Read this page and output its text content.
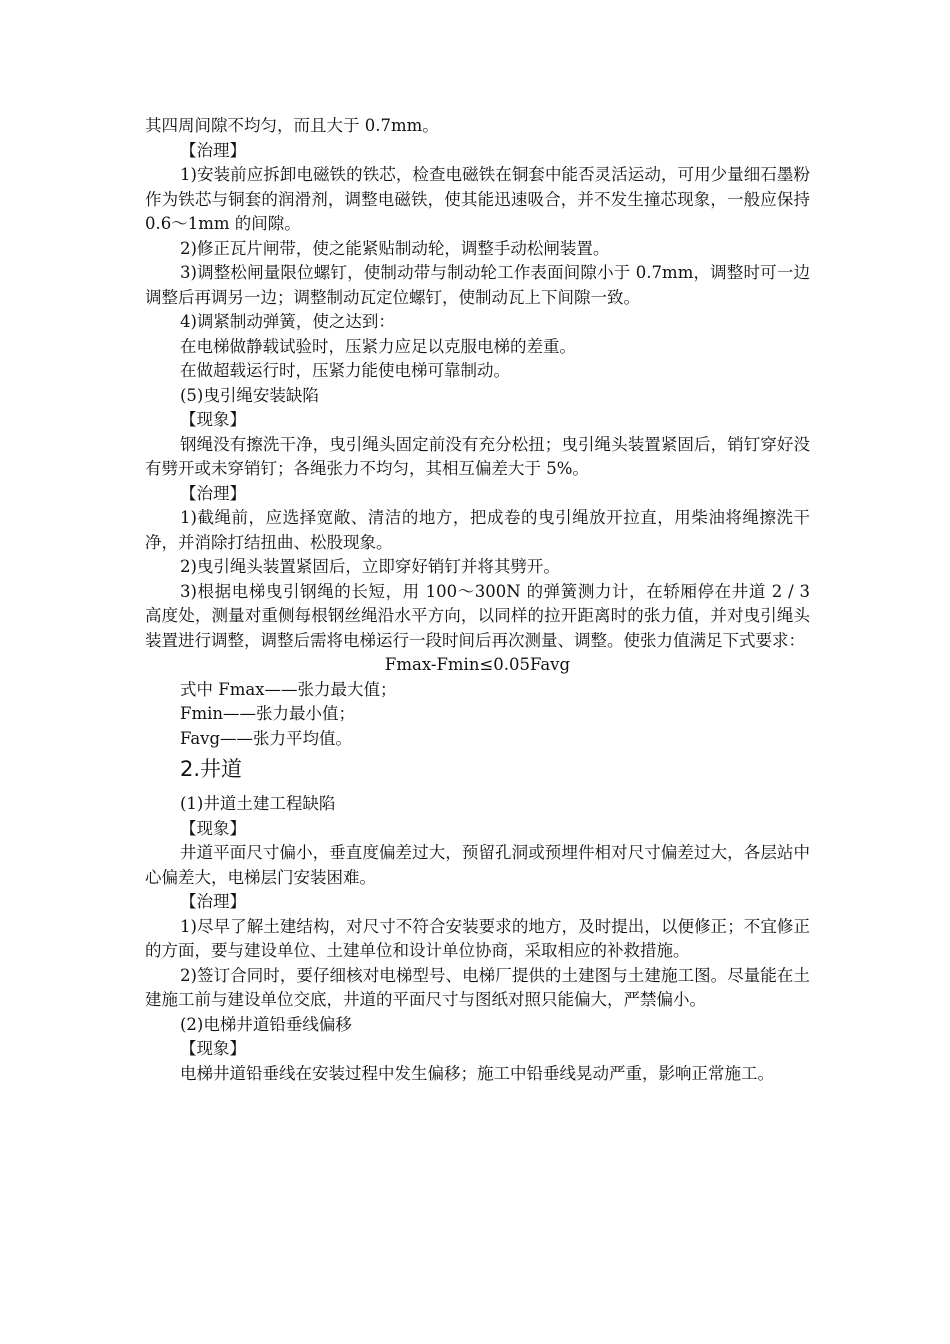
其四周间隙不均匀，而且大于 0.7mm。

【治理】

1)安装前应拆卸电磁铁的铁芯，检查电磁铁在铜套中能否灵活运动，可用少量细石墨粉作为铁芯与铜套的润滑剂，调整电磁铁，使其能迅速吸合，并不发生撞芯现象，一般应保持 0.6～1mm 的间隙。

2)修正瓦片闸带，使之能紧贴制动轮，调整手动松闸装置。

3)调整松闸量限位螺钉，使制动带与制动轮工作表面间隙小于 0.7mm，调整时可一边调整后再调另一边；调整制动瓦定位螺钉，使制动瓦上下间隙一致。

4)调紧制动弹簧，使之达到：

在电梯做静载试验时，压紧力应足以克服电梯的差重。

在做超载运行时，压紧力能使电梯可靠制动。

(5)曳引绳安装缺陷

【现象】

钢绳没有擦洗干净，曳引绳头固定前没有充分松扭；曳引绳头装置紧固后，销钉穿好没有劈开或未穿销钉；各绳张力不均匀，其相互偏差大于 5%。

【治理】

1)截绳前，应选择宽敞、清洁的地方，把成卷的曳引绳放开拉直，用柴油将绳擦洗干净，并消除打结扭曲、松股现象。

2)曳引绳头装置紧固后，立即穿好销钉并将其劈开。

3)根据电梯曳引钢绳的长短，用 100～300N 的弹簧测力计，在轿厢停在井道 2 / 3 高度处，测量对重侧每根钢丝绳沿水平方向，以同样的拉开距离时的张力值，并对曳引绳头装置进行调整，调整后需将电梯运行一段时间后再次测量、调整。使张力值满足下式要求：

Fmax-Fmin≤0.05Favg

式中 Fmax——张力最大值；

Fmin——张力最小值；

Favg——张力平均值。

2.井道

(1)井道土建工程缺陷

【现象】

井道平面尺寸偏小，垂直度偏差过大，预留孔洞或预埋件相对尺寸偏差过大，各层站中心偏差大，电梯层门安装困难。

【治理】

1)尽早了解土建结构，对尺寸不符合安装要求的地方，及时提出，以便修正；不宜修正的方面，要与建设单位、土建单位和设计单位协商，采取相应的补救措施。

2)签订合同时，要仔细核对电梯型号、电梯厂提供的土建图与土建施工图。尽量能在土建施工前与建设单位交底，井道的平面尺寸与图纸对照只能偏大，严禁偏小。

(2)电梯井道铅垂线偏移

【现象】

电梯井道铅垂线在安装过程中发生偏移；施工中铅垂线晃动严重，影响正常施工。
